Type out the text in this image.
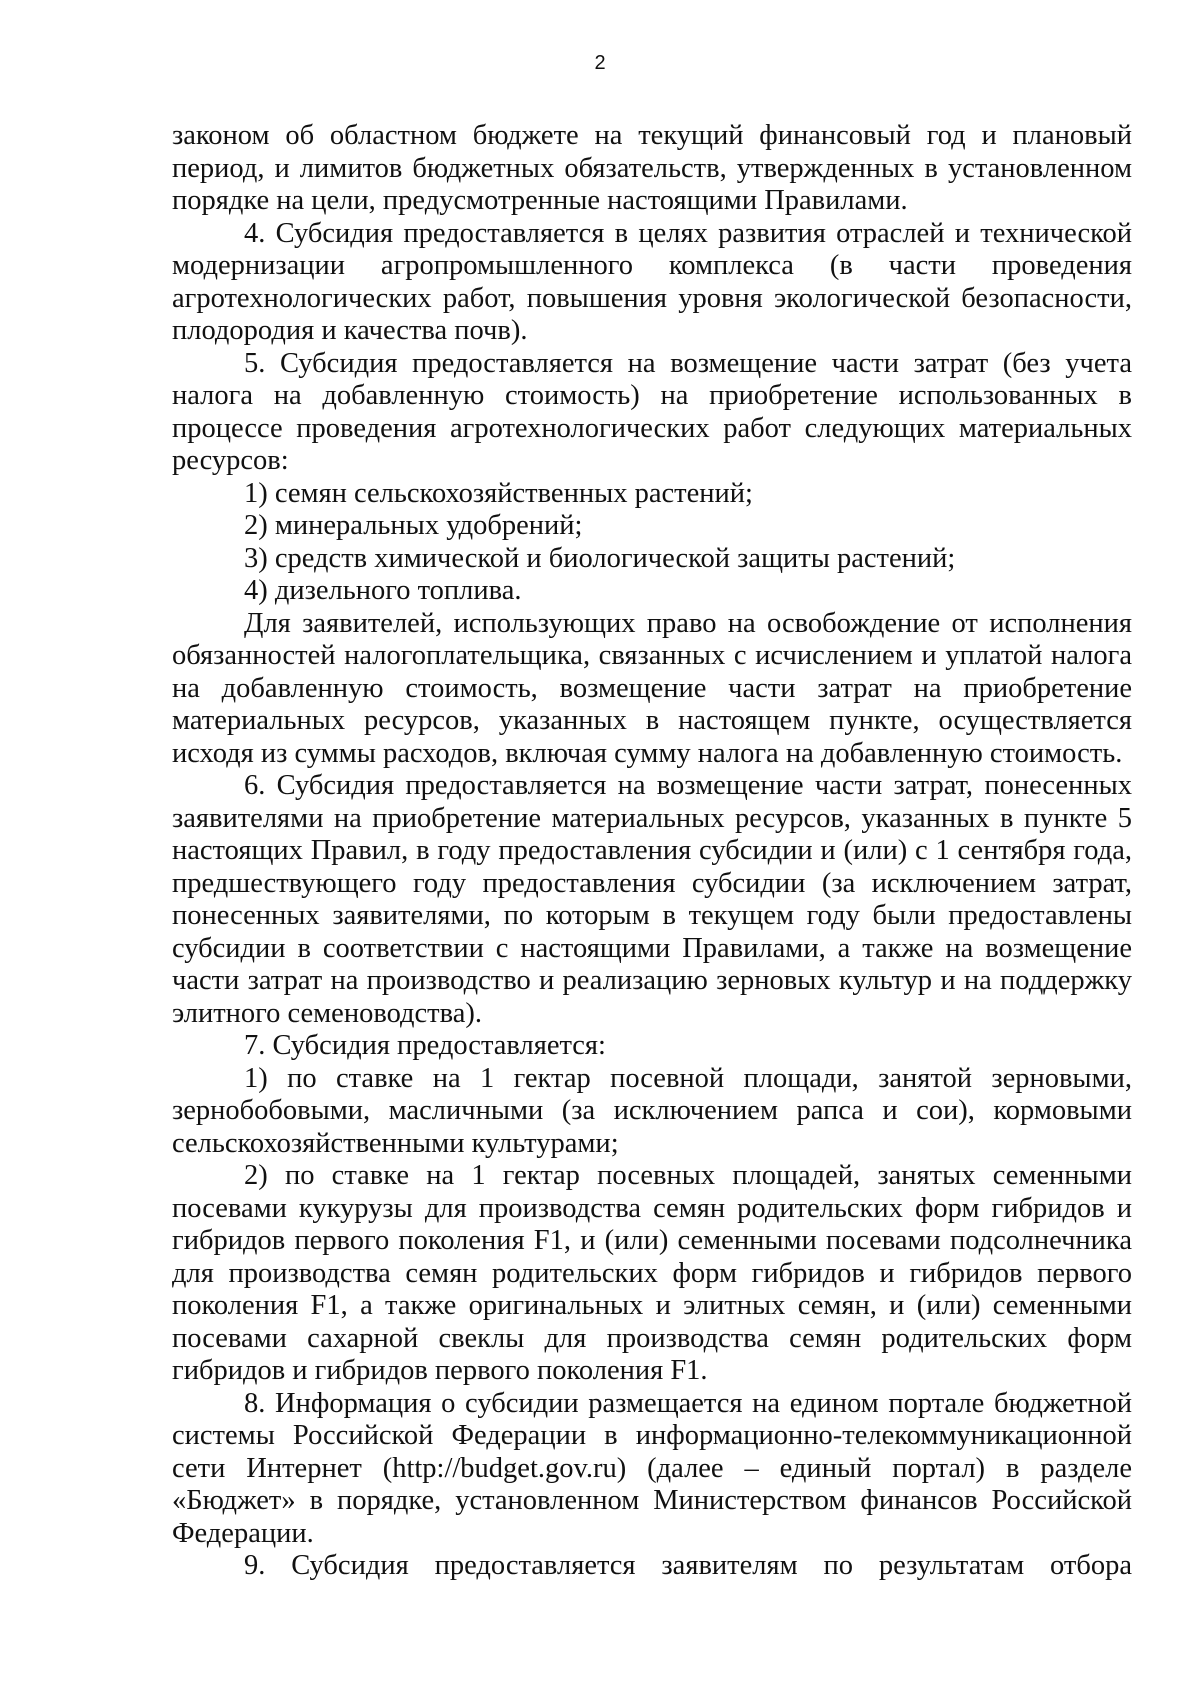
2

законом об областном бюджете на текущий финансовый год и плановый период, и лимитов бюджетных обязательств, утвержденных в установленном порядке на цели, предусмотренные настоящими Правилами.

4. Субсидия предоставляется в целях развития отраслей и технической модернизации агропромышленного комплекса (в части проведения агротехнологических работ, повышения уровня экологической безопасности, плодородия и качества почв).

5. Субсидия предоставляется на возмещение части затрат (без учета налога на добавленную стоимость) на приобретение использованных в процессе проведения агротехнологических работ следующих материальных ресурсов:

1) семян сельскохозяйственных растений;

2) минеральных удобрений;

3) средств химической и биологической защиты растений;

4) дизельного топлива.

Для заявителей, использующих право на освобождение от исполнения обязанностей налогоплательщика, связанных с исчислением и уплатой налога на добавленную стоимость, возмещение части затрат на приобретение материальных ресурсов, указанных в настоящем пункте, осуществляется исходя из суммы расходов, включая сумму налога на добавленную стоимость.

6. Субсидия предоставляется на возмещение части затрат, понесенных заявителями на приобретение материальных ресурсов, указанных в пункте 5 настоящих Правил, в году предоставления субсидии и (или) с 1 сентября года, предшествующего году предоставления субсидии (за исключением затрат, понесенных заявителями, по которым в текущем году были предоставлены субсидии в соответствии с настоящими Правилами, а также на возмещение части затрат на производство и реализацию зерновых культур и на поддержку элитного семеноводства).

7. Субсидия предоставляется:

1) по ставке на 1 гектар посевной площади, занятой зерновыми, зернобобовыми, масличными (за исключением рапса и сои), кормовыми сельскохозяйственными культурами;

2) по ставке на 1 гектар посевных площадей, занятых семенными посевами кукурузы для производства семян родительских форм гибридов и гибридов первого поколения F1, и (или) семенными посевами подсолнечника для производства семян родительских форм гибридов и гибридов первого поколения F1, а также оригинальных и элитных семян, и (или) семенными посевами сахарной свеклы для производства семян родительских форм гибридов и гибридов первого поколения F1.

8. Информация о субсидии размещается на едином портале бюджетной системы Российской Федерации в информационно-телекоммуникационной сети Интернет (http://budget.gov.ru) (далее – единый портал) в разделе «Бюджет» в порядке, установленном Министерством финансов Российской Федерации.

9. Субсидия предоставляется заявителям по результатам отбора
